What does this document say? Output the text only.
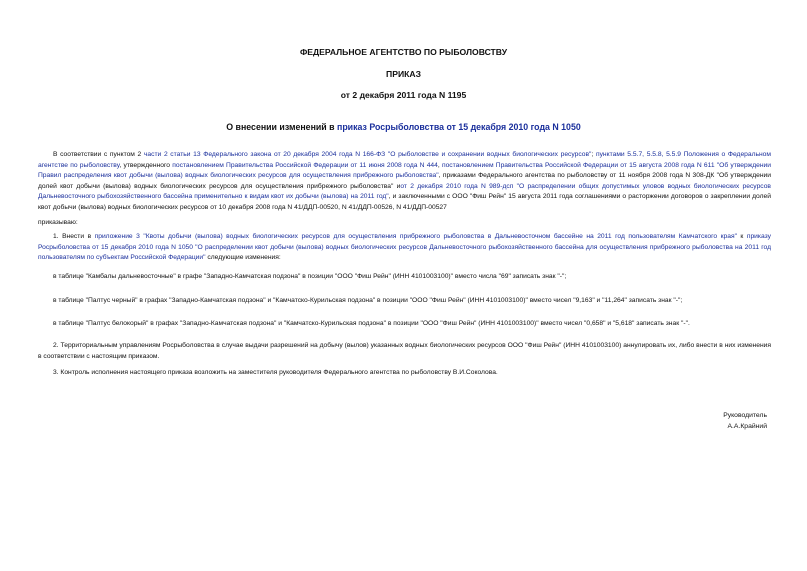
ФЕДЕРАЛЬНОЕ АГЕНТСТВО ПО РЫБОЛОВСТВУ
ПРИКАЗ
от 2 декабря 2011 года N 1195
О внесении изменений в приказ Росрыболовства от 15 декабря 2010 года N 1050

В соответствии с пунктом 2 части 2 статьи 13 Федерального закона от 20 декабря 2004 года N 166-ФЗ "О рыболовстве и сохранении водных биологических ресурсов"; пунктами 5.5.7, 5.5.8, 5.5.9 Положения о Федеральном агентстве по рыболовству, утвержденного постановлением Правительства Российской Федерации от 11 июня 2008 года N 444, постановлением Правительства Российской Федерации от 15 августа 2008 года N 611 "Об утверждении Правил распределения квот добычи (вылова) водных биологических ресурсов для осуществления прибрежного рыболовства", приказами Федерального агентства по рыболовству от 11 ноября 2008 года N 308-ДК "Об утверждении долей квот добычи (вылова) водных биологических ресурсов для осуществления прибрежного рыболовства" иот 2 декабря 2010 года N 989-дсп "О распределении общих допустимых уловов водных биологических ресурсов Дальневосточного рыбохозяйственного бассейна применительно к видам квот их добычи (вылова) на 2011 год", и заключенными с ООО "Фиш Рейн" 15 августа 2011 года соглашениями о расторжении договоров о закреплении долей квот добычи (вылова) водных биологических ресурсов от 10 декабря 2008 года N 41/ДДП-00520, N 41/ДДП-00526, N 41/ДДП-00527

приказываю:

1. Внести в приложение 3 "Квоты добычи (вылова) водных биологических ресурсов для осуществления прибрежного рыболовства в Дальневосточном бассейне на 2011 год пользователям Камчатского края" к приказу Росрыболовства от 15 декабря 2010 года N 1050 "О распределении квот добычи (вылова) водных биологических ресурсов Дальневосточного рыбохозяйственного бассейна для осуществления прибрежного рыболовства на 2011 год пользователям по субъектам Российской Федерации" следующие изменения:

в таблице "Камбалы дальневосточные" в графе "Западно-Камчатская подзона" в позиции "ООО "Фиш Рейн" (ИНН 4101003100)" вместо числа "69" записать знак "-";

в таблице "Палтус черный" в графах "Западно-Камчатская подзона" и "Камчатско-Курильская подзона" в позиции "ООО "Фиш Рейн" (ИНН 4101003100)" вместо чисел "9,163" и "11,264" записать знак "-";

в таблице "Палтус белокорый" в графах "Западно-Камчатская подзона" и "Камчатско-Курильская подзона" в позиции "ООО "Фиш Рейн" (ИНН 4101003100)" вместо чисел "0,658" и "5,618" записать знак "-".

2. Территориальным управлениям Росрыболовства в случае выдачи разрешений на добычу (вылов) указанных водных биологических ресурсов ООО "Фиш Рейн" (ИНН 4101003100) аннулировать их, либо внести в них изменения в соответствии с настоящим приказом.

3. Контроль исполнения настоящего приказа возложить на заместителя руководителя Федерального агентства по рыболовству В.И.Соколова.

Руководитель
А.А.Крайний
